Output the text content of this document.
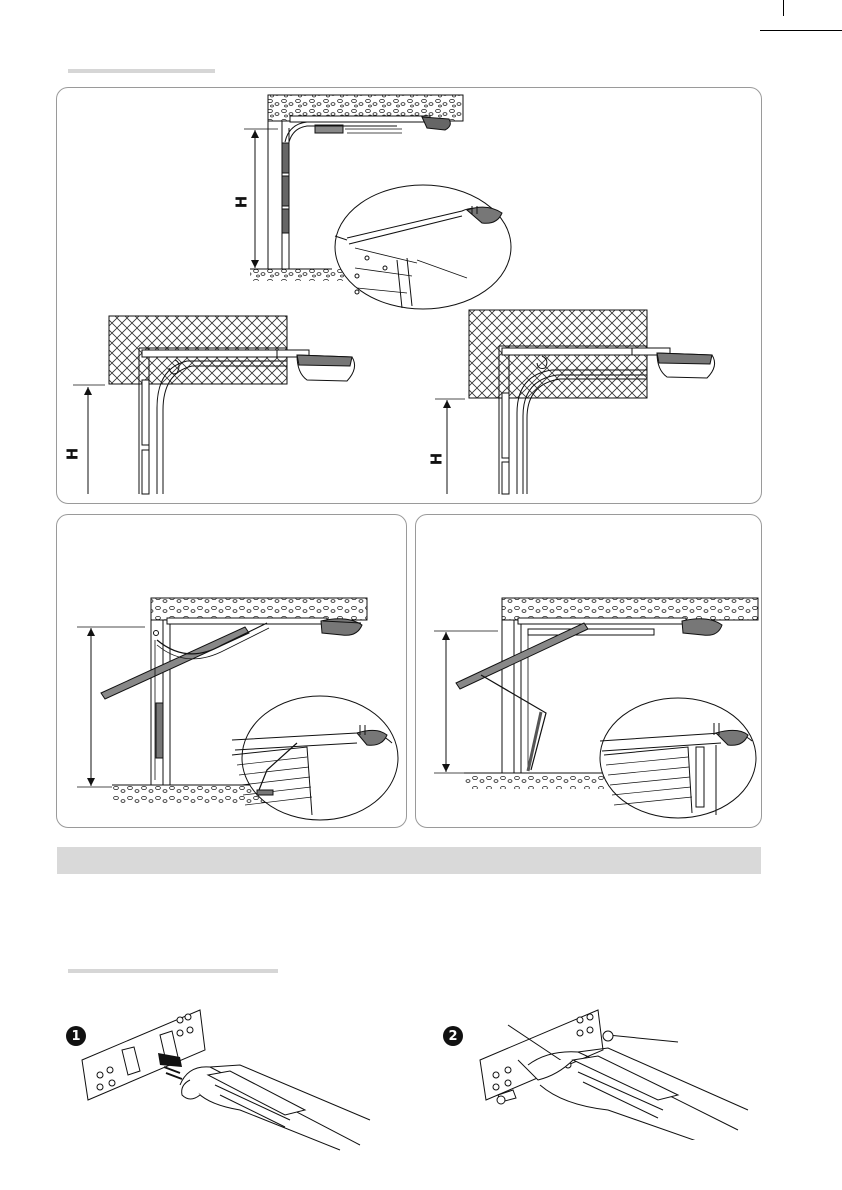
H
H	H
1	2
